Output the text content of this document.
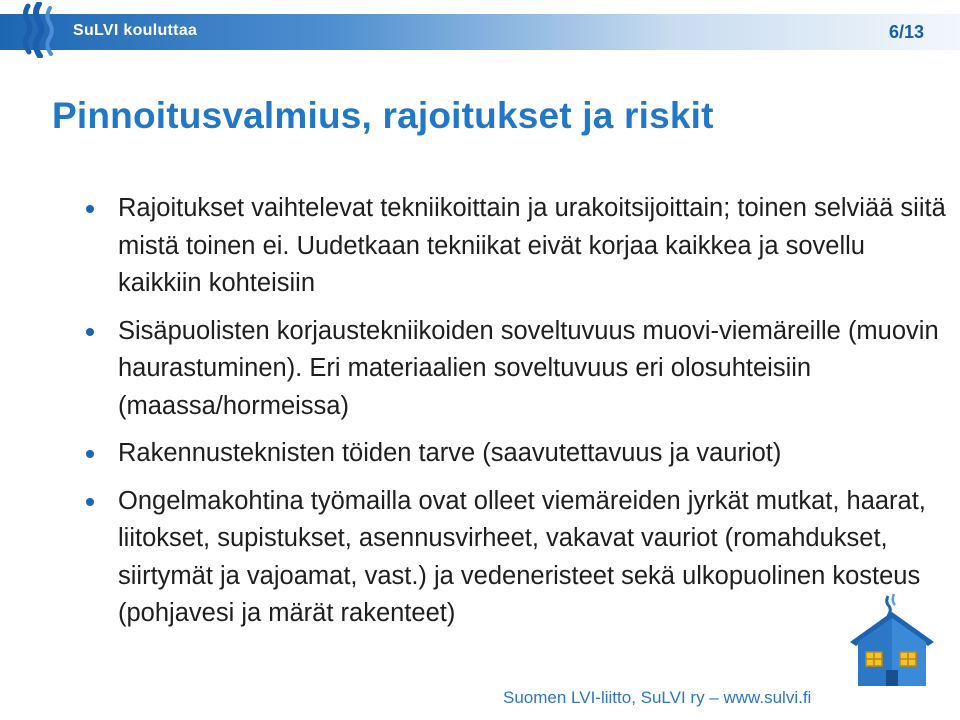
SuLVI kouluttaa	6/13
Pinnoitusvalmius, rajoitukset ja riskit
Rajoitukset vaihtelevat tekniikoittain ja urakoitsijoittain; toinen selviää siitä mistä toinen ei. Uudetkaan tekniikat eivät korjaa kaikkea ja sovellu kaikkiin kohteisiin
Sisäpuolisten korjaustekniikoiden soveltuvuus muovi-viemäreille (muovin haurastuminen). Eri materiaalien soveltuvuus eri olosuhteisiin (maassa/hormeissa)
Rakennusteknisten töiden tarve (saavutettavuus ja vauriot)
Ongelmakohtina työmailla ovat olleet viemäreiden jyrkät mutkat, haarat, liitokset, supistukset, asennusvirheet, vakavat vauriot (romahdukset, siirtymät ja vajoamat, vast.) ja vedeneristeet sekä ulkopuolinen kosteus (pohjavesi ja märät rakenteet)
Suomen LVI-liitto, SuLVI ry – www.sulvi.fi
